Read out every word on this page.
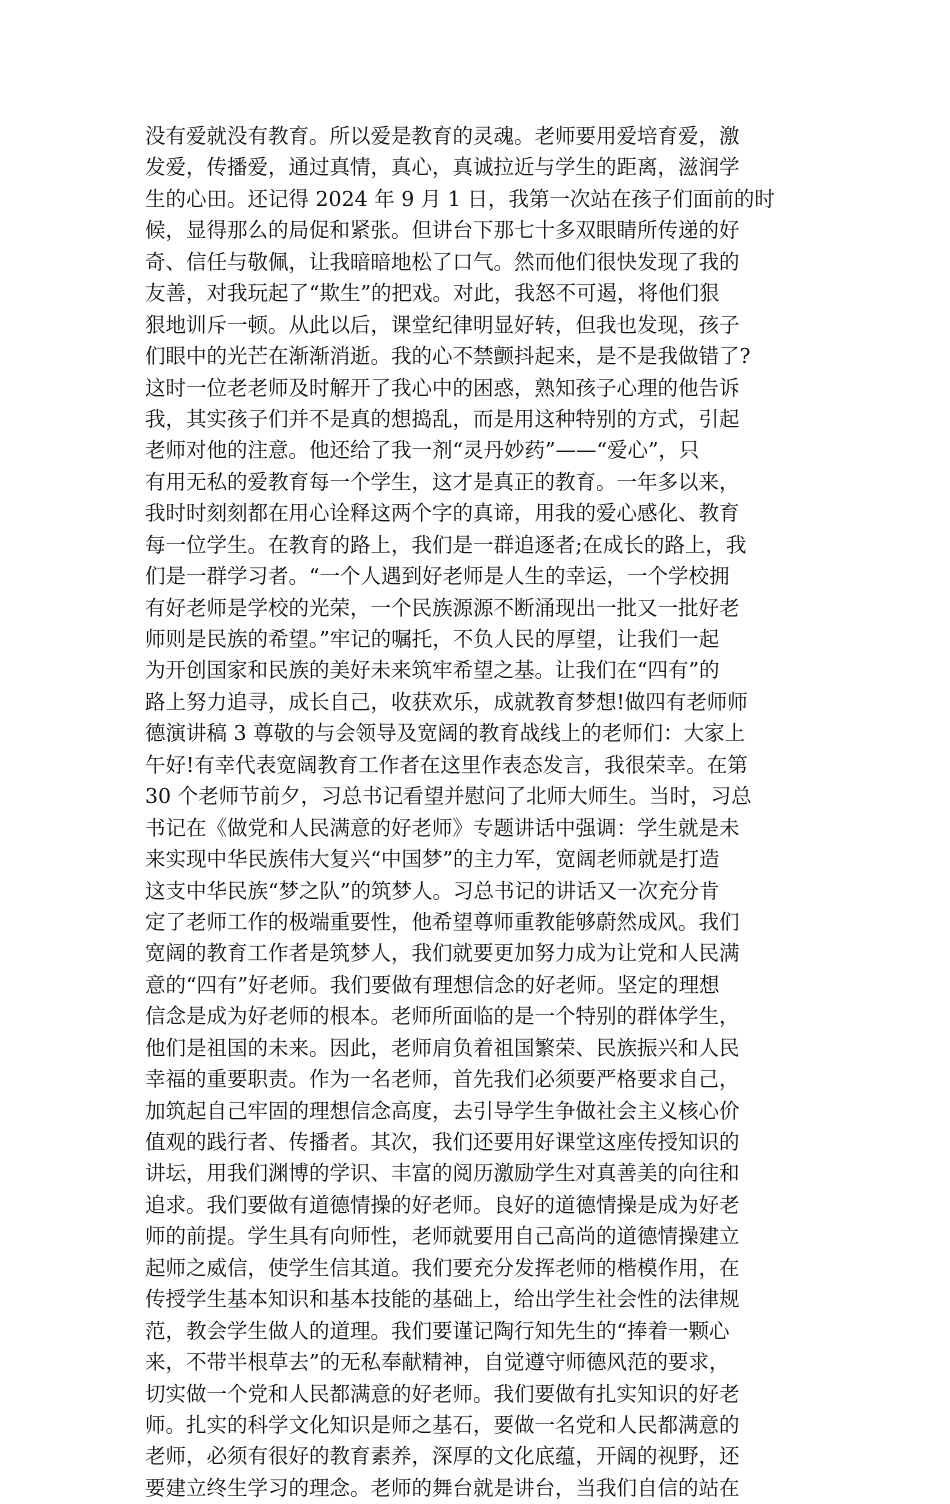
没有爱就没有教育。所以爱是教育的灵魂。老师要用爱培育爱，激
发爱，传播爱，通过真情，真心，真诚拉近与学生的距离，滋润学
生的心田。还记得 2024 年 9 月 1 日，我第一次站在孩子们面前的时
候，显得那么的局促和紧张。但讲台下那七十多双眼睛所传递的好
奇、信任与敬佩，让我暗暗地松了口气。然而他们很快发现了我的
友善，对我玩起了“欺生”的把戏。对此，我怒不可遏，将他们狠
狠地训斥一顿。从此以后，课堂纪律明显好转，但我也发现，孩子
们眼中的光芒在渐渐消逝。我的心不禁颤抖起来，是不是我做错了?
这时一位老老师及时解开了我心中的困惑，熟知孩子心理的他告诉
我，其实孩子们并不是真的想捣乱，而是用这种特别的方式，引起
老师对他的注意。他还给了我一剂“灵丹妙药”——“爱心”，只
有用无私的爱教育每一个学生，这才是真正的教育。一年多以来，
我时时刻刻都在用心诠释这两个字的真谛，用我的爱心感化、教育
每一位学生。在教育的路上，我们是一群追逐者;在成长的路上，我
们是一群学习者。“一个人遇到好老师是人生的幸运，一个学校拥
有好老师是学校的光荣，一个民族源源不断涌现出一批又一批好老
师则是民族的希望。”牢记的嘱托，不负人民的厚望，让我们一起
为开创国家和民族的美好未来筑牢希望之基。让我们在“四有”的
路上努力追寻，成长自己，收获欢乐，成就教育梦想!做四有老师师
德演讲稿 3 尊敬的与会领导及宽阔的教育战线上的老师们：大家上
午好!有幸代表宽阔教育工作者在这里作表态发言，我很荣幸。在第
30 个老师节前夕，习总书记看望并慰问了北师大师生。当时，习总
书记在《做党和人民满意的好老师》专题讲话中强调：学生就是未
来实现中华民族伟大复兴“中国梦”的主力军，宽阔老师就是打造
这支中华民族“梦之队”的筑梦人。习总书记的讲话又一次充分肯
定了老师工作的极端重要性，他希望尊师重教能够蔚然成风。我们
宽阔的教育工作者是筑梦人，我们就要更加努力成为让党和人民满
意的“四有”好老师。我们要做有理想信念的好老师。坚定的理想
信念是成为好老师的根本。老师所面临的是一个特别的群体学生，
他们是祖国的未来。因此，老师肩负着祖国繁荣、民族振兴和人民
幸福的重要职责。作为一名老师，首先我们必须要严格要求自己，
加筑起自己牢固的理想信念高度，去引导学生争做社会主义核心价
值观的践行者、传播者。其次，我们还要用好课堂这座传授知识的
讲坛，用我们渊博的学识、丰富的阅历激励学生对真善美的向往和
追求。我们要做有道德情操的好老师。良好的道德情操是成为好老
师的前提。学生具有向师性，老师就要用自己高尚的道德情操建立
起师之威信，使学生信其道。我们要充分发挥老师的楷模作用，在
传授学生基本知识和基本技能的基础上，给出学生社会性的法律规
范，教会学生做人的道理。我们要谨记陶行知先生的“捧着一颗心
来，不带半根草去”的无私奉献精神，自觉遵守师德风范的要求，
切实做一个党和人民都满意的好老师。我们要做有扎实知识的好老
师。扎实的科学文化知识是师之基石，要做一名党和人民都满意的
老师，必须有很好的教育素养，深厚的文化底蕴，开阔的视野，还
要建立终生学习的理念。老师的舞台就是讲台，当我们自信的站在
